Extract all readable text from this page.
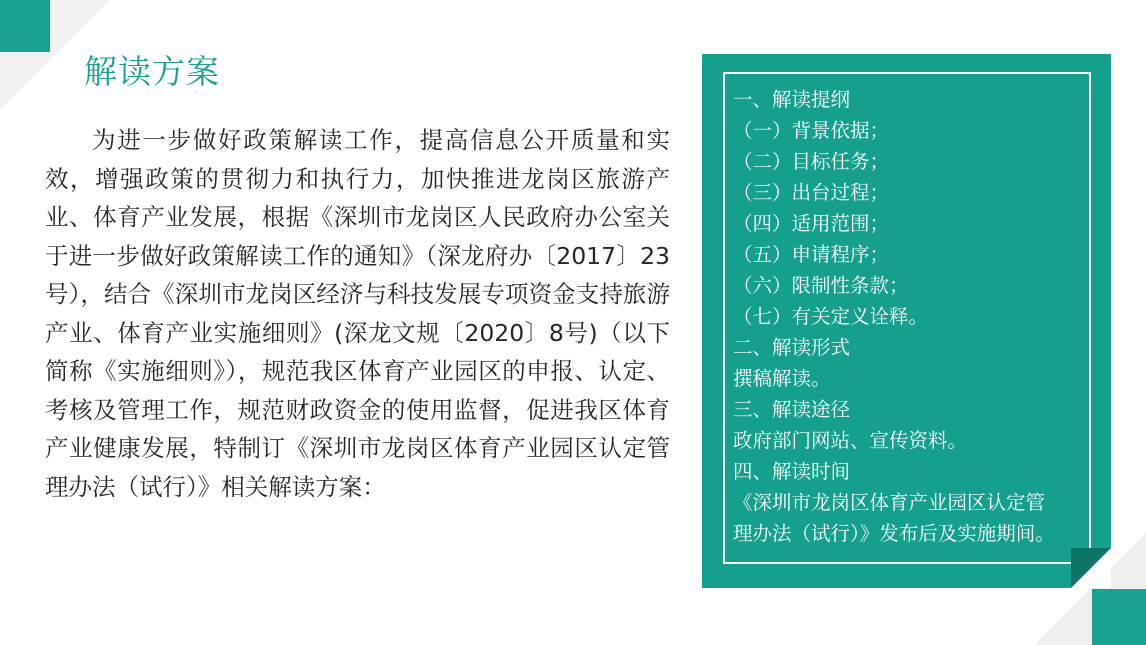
解读方案

为进一步做好政策解读工作，提高信息公开质量和实效，增强政策的贯彻力和执行力，加快推进龙岗区旅游产业、体育产业发展，根据《深圳市龙岗区人民政府办公室关于进一步做好政策解读工作的通知》（深龙府办〔2017〕23号），结合《深圳市龙岗区经济与科技发展专项资金支持旅游产业、体育产业实施细则》(深龙文规〔2020〕8号)（以下简称《实施细则》），规范我区体育产业园区的申报、认定、考核及管理工作，规范财政资金的使用监督，促进我区体育产业健康发展，特制订《深圳市龙岗区体育产业园区认定管理办法（试行）》相关解读方案：

一、解读提纲
（一）背景依据；
（二）目标任务；
（三）出台过程；
（四）适用范围；
（五）申请程序；
（六）限制性条款；
（七）有关定义诠释。
二、解读形式
撰稿解读。
三、解读途径
政府部门网站、宣传资料。
四、解读时间
《深圳市龙岗区体育产业园区认定管
理办法（试行）》发布后及实施期间。
